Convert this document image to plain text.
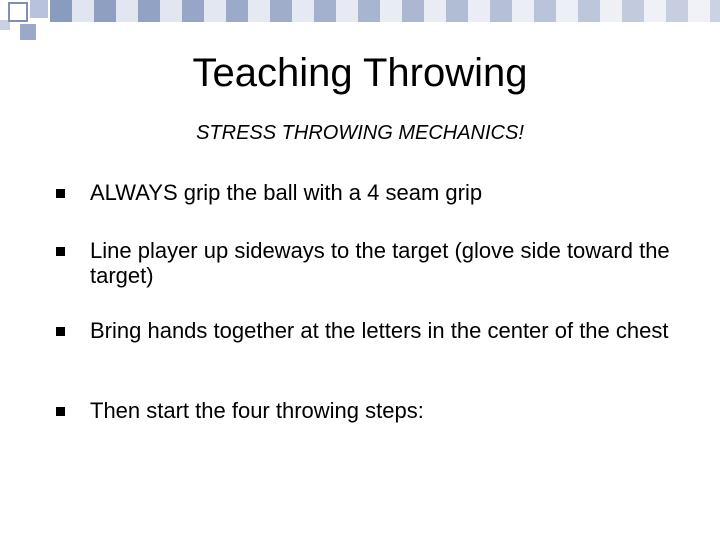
Teaching Throwing

STRESS THROWING MECHANICS!

ALWAYS grip the ball with a 4 seam grip
Line player up sideways to the target (glove side toward the target)
Bring hands together at the letters in the center of the chest
Then start the four throwing steps:
